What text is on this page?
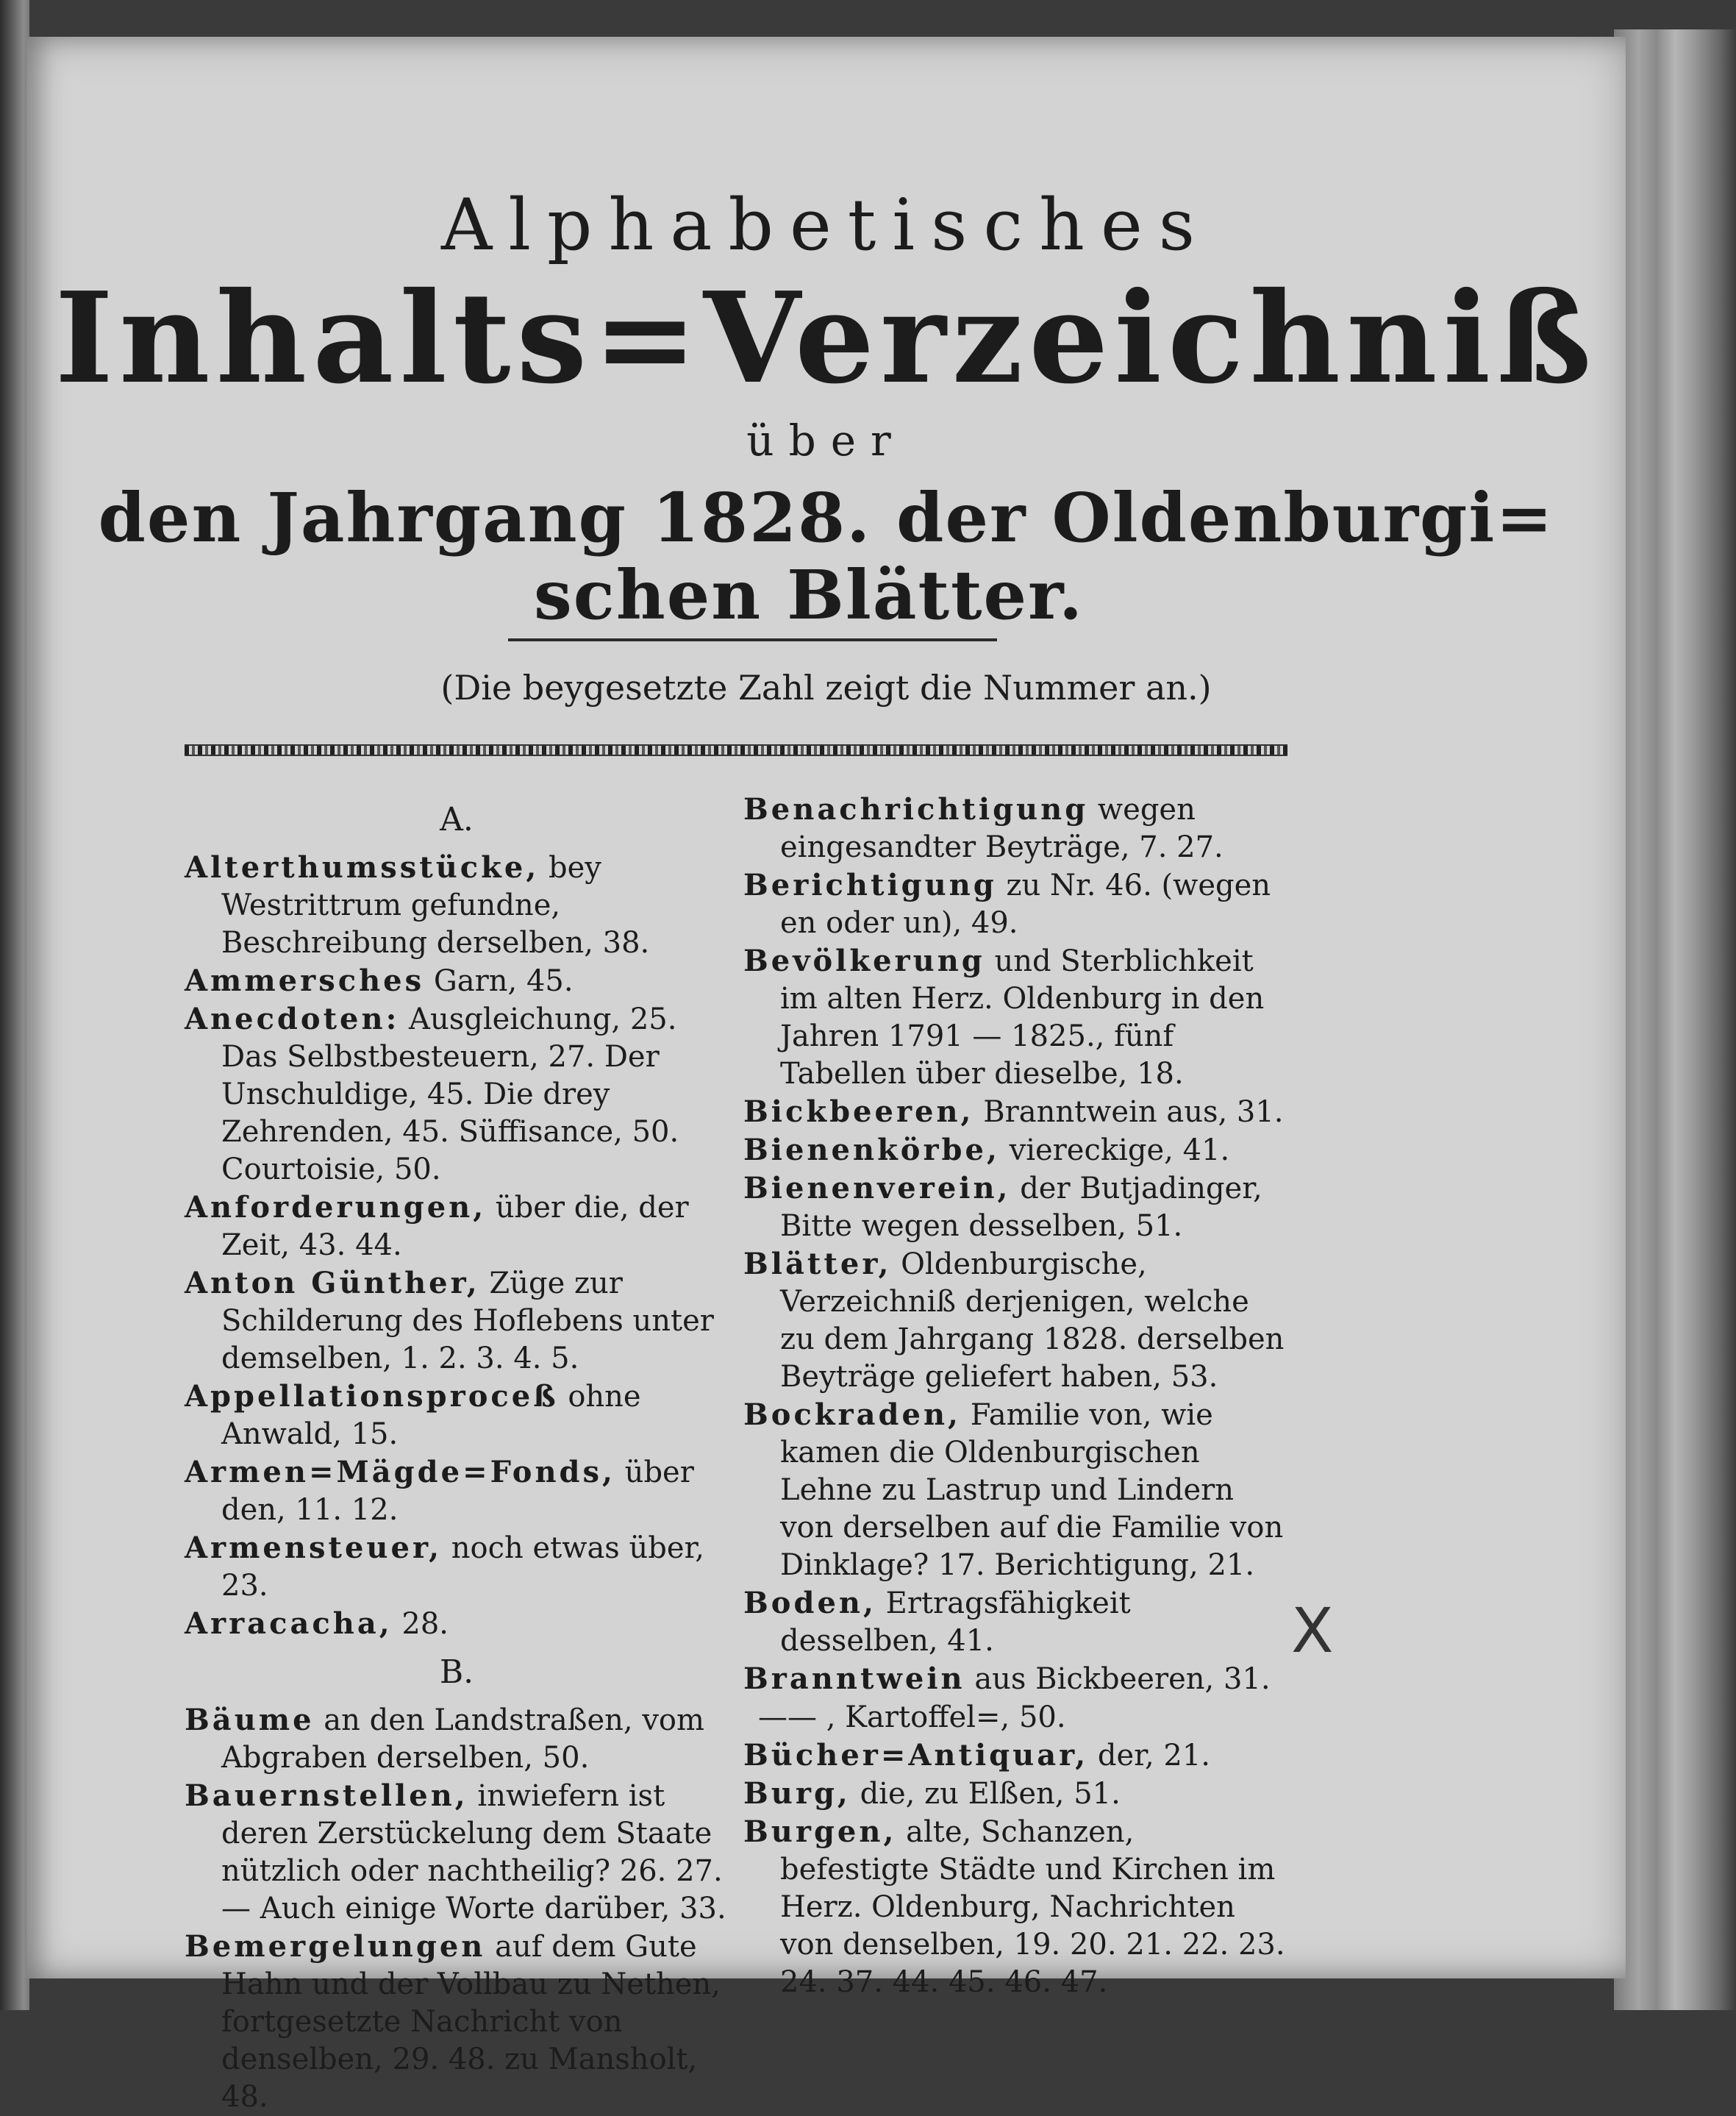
Alphabetisches
Inhalts=Verzeichniß
über
den Jahrgang 1828. der Oldenburgi=
schen Blätter.
(Die beygesetzte Zahl zeigt die Nummer an.)
A.
Alterthumsstücke, bey Westrittrum gefundne, Beschreibung derselben, 38.
Ammersches Garn, 45.
Anecdoten: Ausgleichung, 25. Das Selbstbesteuern, 27. Der Unschuldige, 45. Die drey Zehrenden, 45. Süffisance, 50. Courtoisie, 50.
Anforderungen, über die, der Zeit, 43. 44.
Anton Günther, Züge zur Schilderung des Hoflebens unter demselben, 1. 2. 3. 4. 5.
Appellationsproceß ohne Anwald, 15.
Armen=Mägde=Fonds, über den, 11. 12.
Armensteuer, noch etwas über, 23.
Arracacha, 28.
B.
Bäume an den Landstraßen, vom Abgraben derselben, 50.
Bauernstellen, inwiefern ist deren Zerstückelung dem Staate nützlich oder nachtheilig? 26. 27. — Auch einige Worte darüber, 33.
Bemergelungen auf dem Gute Hahn und der Vollbau zu Nethen, fortgesetzte Nachricht von denselben, 29. 48. zu Mansholt, 48.
Benachrichtigung wegen eingesandter Beyträge, 7. 27.
Berichtigung zu Nr. 46. (wegen en oder un), 49.
Bevölkerung und Sterblichkeit im alten Herz. Oldenburg in den Jahren 1791 — 1825., fünf Tabellen über dieselbe, 18.
Bickbeeren, Branntwein aus, 31.
Bienenkörbe, viereckige, 41.
Bienenverein, der Butjadinger, Bitte wegen desselben, 51.
Blätter, Oldenburgische, Verzeichniß derjenigen, welche zu dem Jahrgang 1828. derselben Beyträge geliefert haben, 53.
Bockraden, Familie von, wie kamen die Oldenburgischen Lehne zu Lastrup und Lindern von derselben auf die Familie von Dinklage? 17. Berichtigung, 21.
Boden, Ertragsfähigkeit desselben, 41.
Branntwein aus Bickbeeren, 31.
—— , Kartoffel=, 50.
Bücher=Antiquar, der, 21.
Burg, die, zu Elßen, 51.
Burgen, alte, Schanzen, befestigte Städte und Kirchen im Herz. Oldenburg, Nachrichten von denselben, 19. 20. 21. 22. 23. 24. 37. 44. 45. 46. 47.
X
